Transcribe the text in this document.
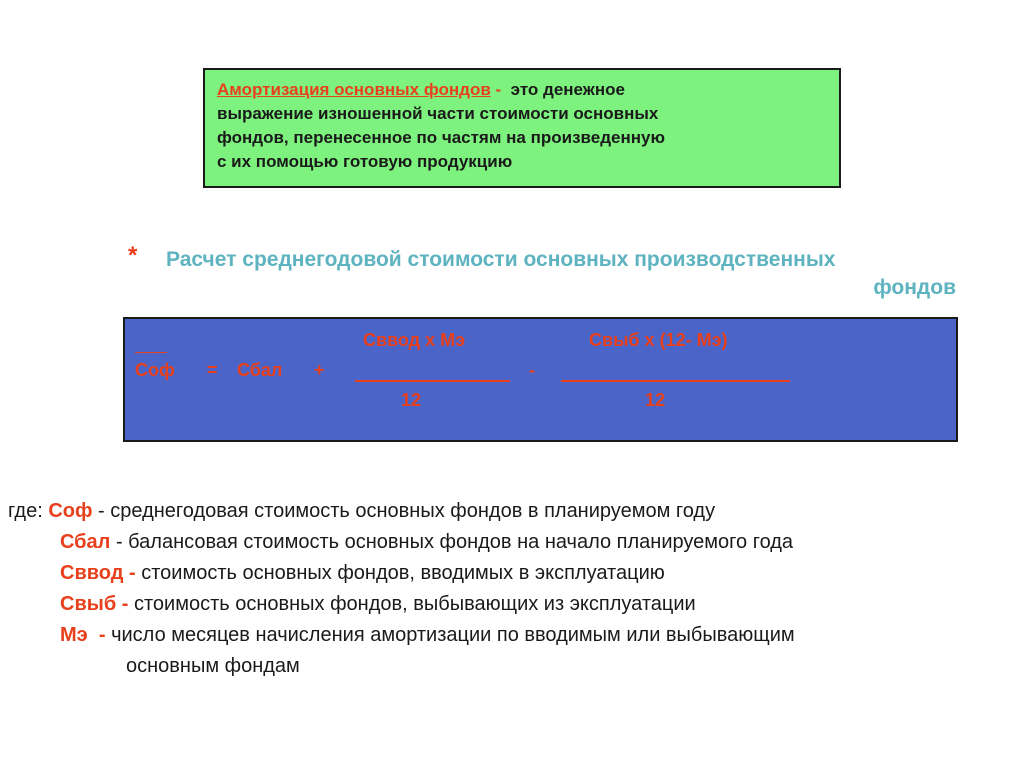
Амортизация основных фондов - это денежное
выражение изношенной части стоимости основных
фондов, перенесенное по частям на произведенную
с их помощью готовую продукцию
* Расчет среднегодовой стоимости основных производственных
фондов
Сввод х Мэ	Свыб х (12- Мэ)
Соф = Сбал +	-
12	12
где: Соф - среднегодовая стоимость основных фондов в планируемом году
Сбал - балансовая стоимость основных фондов на начало планируемого года
Сввод - стоимость основных фондов, вводимых в эксплуатацию
Свыб - стоимость основных фондов, выбывающих из эксплуатации
Мэ - число месяцев начисления амортизации по вводимым или выбывающим
основным фондам
